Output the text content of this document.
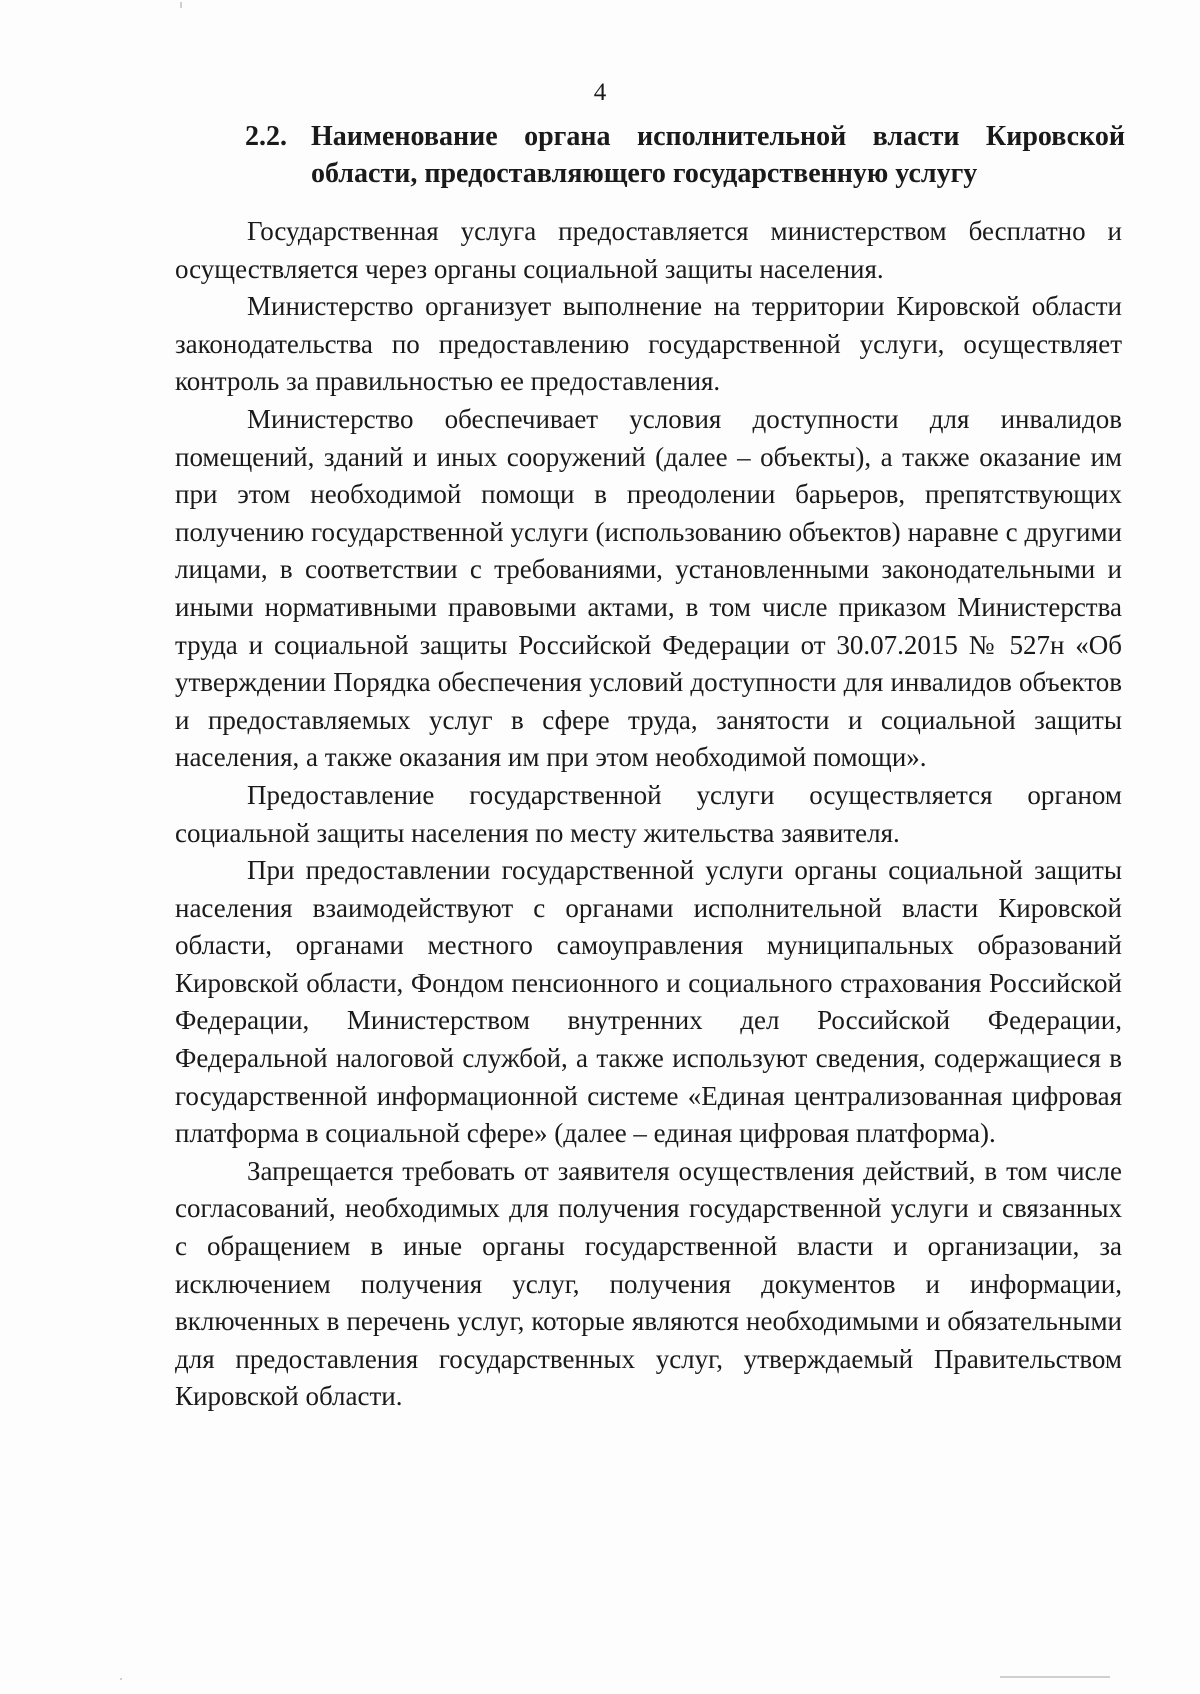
4
2.2. Наименование органа исполнительной власти Кировской области, предоставляющего государственную услугу

Государственная услуга предоставляется министерством бесплатно и осуществляется через органы социальной защиты населения.

Министерство организует выполнение на территории Кировской области законодательства по предоставлению государственной услуги, осуществляет контроль за правильностью ее предоставления.

Министерство обеспечивает условия доступности для инвалидов помещений, зданий и иных сооружений (далее – объекты), а также оказание им при этом необходимой помощи в преодолении барьеров, препятствующих получению государственной услуги (использованию объектов) наравне с другими лицами, в соответствии с требованиями, установленными законодательными и иными нормативными правовыми актами, в том числе приказом Министерства труда и социальной защиты Российской Федерации от 30.07.2015 № 527н «Об утверждении Порядка обеспечения условий доступности для инвалидов объектов и предоставляемых услуг в сфере труда, занятости и социальной защиты населения, а также оказания им при этом необходимой помощи».

Предоставление государственной услуги осуществляется органом социальной защиты населения по месту жительства заявителя.

При предоставлении государственной услуги органы социальной защиты населения взаимодействуют с органами исполнительной власти Кировской области, органами местного самоуправления муниципальных образований Кировской области, Фондом пенсионного и социального страхования Российской Федерации, Министерством внутренних дел Российской Федерации, Федеральной налоговой службой, а также используют сведения, содержащиеся в государственной информационной системе «Единая централизованная цифровая платформа в социальной сфере» (далее – единая цифровая платформа).

Запрещается требовать от заявителя осуществления действий, в том числе согласований, необходимых для получения государственной услуги и связанных с обращением в иные органы государственной власти и организации, за исключением получения услуг, получения документов и информации, включенных в перечень услуг, которые являются необходимыми и обязательными для предоставления государственных услуг, утверждаемый Правительством Кировской области.
